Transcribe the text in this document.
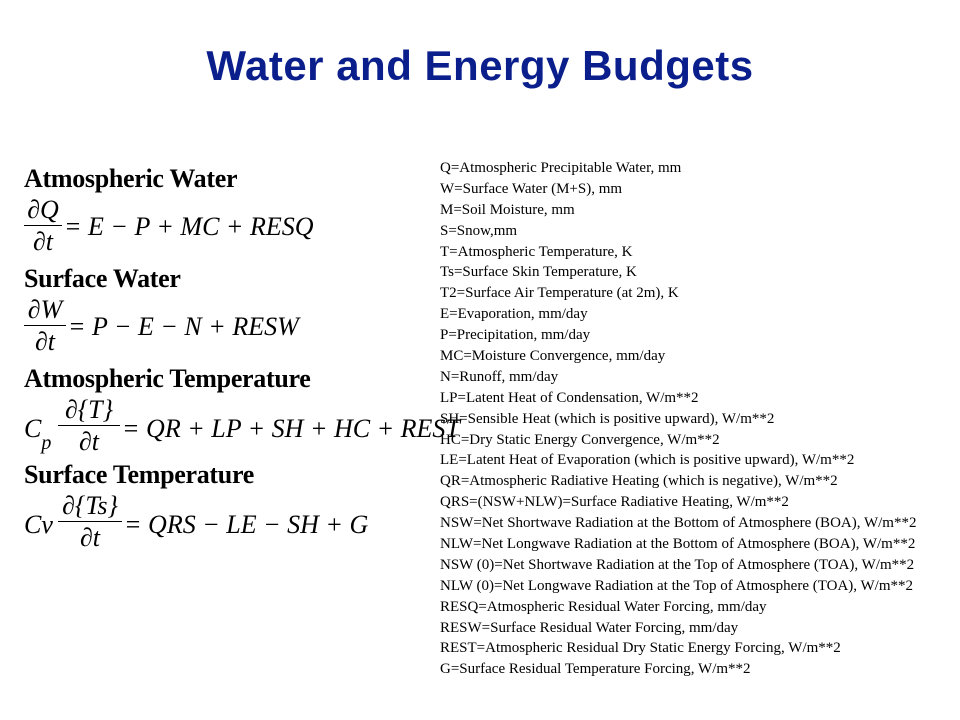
Water and Energy Budgets
Atmospheric Water
∂Q
∂t
= E − P + MC + RESQ
Surface Water
∂W
∂t
= P − E − N + RESW
Atmospheric Temperature
$C_p$
∂{T}
∂t = QR + LP + SH + HC + REST
Surface Temperature
Cv
∂{Ts}
∂t = QRS − LE − SH + G
Q=Atmospheric Precipitable Water, mm
W=Surface Water (M+S), mm
M=Soil Moisture, mm
S=Snow,mm
T=Atmospheric Temperature, K
Ts=Surface Skin Temperature, K
T2=Surface Air Temperature (at 2m), K
E=Evaporation, mm/day
P=Precipitation, mm/day
MC=Moisture Convergence, mm/day
N=Runoff, mm/day
LP=Latent Heat of Condensation, W/m**2
SH=Sensible Heat (which is positive upward), W/m**2
HC=Dry Static Energy Convergence, W/m**2
LE=Latent Heat of Evaporation (which is positive upward), W/m**2
QR=Atmospheric Radiative Heating (which is negative), W/m**2
QRS=(NSW+NLW)=Surface Radiative Heating, W/m**2
NSW=Net Shortwave Radiation at the Bottom of Atmosphere (BOA), W/m**2
NLW=Net Longwave Radiation at the Bottom of Atmosphere (BOA), W/m**2
NSW (0)=Net Shortwave Radiation at the Top of Atmosphere (TOA), W/m**2
NLW (0)=Net Longwave Radiation at the Top of Atmosphere (TOA), W/m**2
RESQ=Atmospheric Residual Water Forcing, mm/day
RESW=Surface Residual Water Forcing, mm/day
REST=Atmospheric Residual Dry Static Energy Forcing, W/m**2
G=Surface Residual Temperature Forcing, W/m**2
